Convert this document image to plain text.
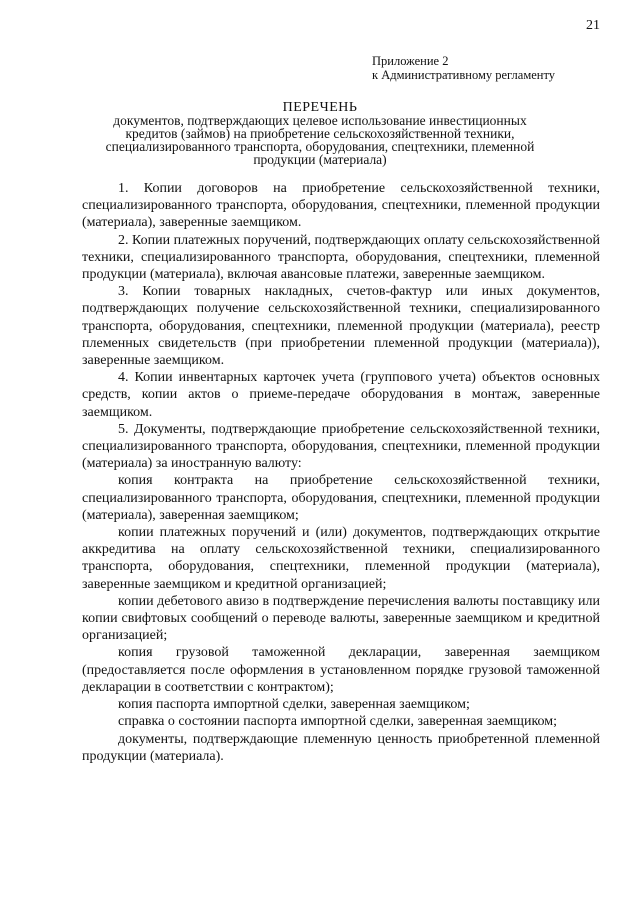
21
Приложение 2
к Административному регламенту
ПЕРЕЧЕНЬ
документов, подтверждающих целевое использование инвестиционных кредитов (займов) на приобретение сельскохозяйственной техники, специализированного транспорта, оборудования, спецтехники, племенной продукции (материала)

1. Копии договоров на приобретение сельскохозяйственной техники, специализированного транспорта, оборудования, спецтехники, племенной продукции (материала), заверенные заемщиком.

2. Копии платежных поручений, подтверждающих оплату сельскохозяйственной техники, специализированного транспорта, оборудования, спецтехники, племенной продукции (материала), включая авансовые платежи, заверенные заемщиком.

3. Копии товарных накладных, счетов-фактур или иных документов, подтверждающих получение сельскохозяйственной техники, специализированного транспорта, оборудования, спецтехники, племенной продукции (материала), реестр племенных свидетельств (при приобретении племенной продукции (материала)), заверенные заемщиком.

4. Копии инвентарных карточек учета (группового учета) объектов основных средств, копии актов о приеме-передаче оборудования в монтаж, заверенные заемщиком.

5. Документы, подтверждающие приобретение сельскохозяйственной техники, специализированного транспорта, оборудования, спецтехники, племенной продукции (материала) за иностранную валюту:

копия контракта на приобретение сельскохозяйственной техники, специализированного транспорта, оборудования, спецтехники, племенной продукции (материала), заверенная заемщиком;

копии платежных поручений и (или) документов, подтверждающих открытие аккредитива на оплату сельскохозяйственной техники, специализированного транспорта, оборудования, спецтехники, племенной продукции (материала), заверенные заемщиком и кредитной организацией;

копии дебетового авизо в подтверждение перечисления валюты поставщику или копии свифтовых сообщений о переводе валюты, заверенные заемщиком и кредитной организацией;

копия грузовой таможенной декларации, заверенная заемщиком (предоставляется после оформления в установленном порядке грузовой таможенной декларации в соответствии с контрактом);

копия паспорта импортной сделки, заверенная заемщиком;

справка о состоянии паспорта импортной сделки, заверенная заемщиком;

документы, подтверждающие племенную ценность приобретенной племенной продукции (материала).
